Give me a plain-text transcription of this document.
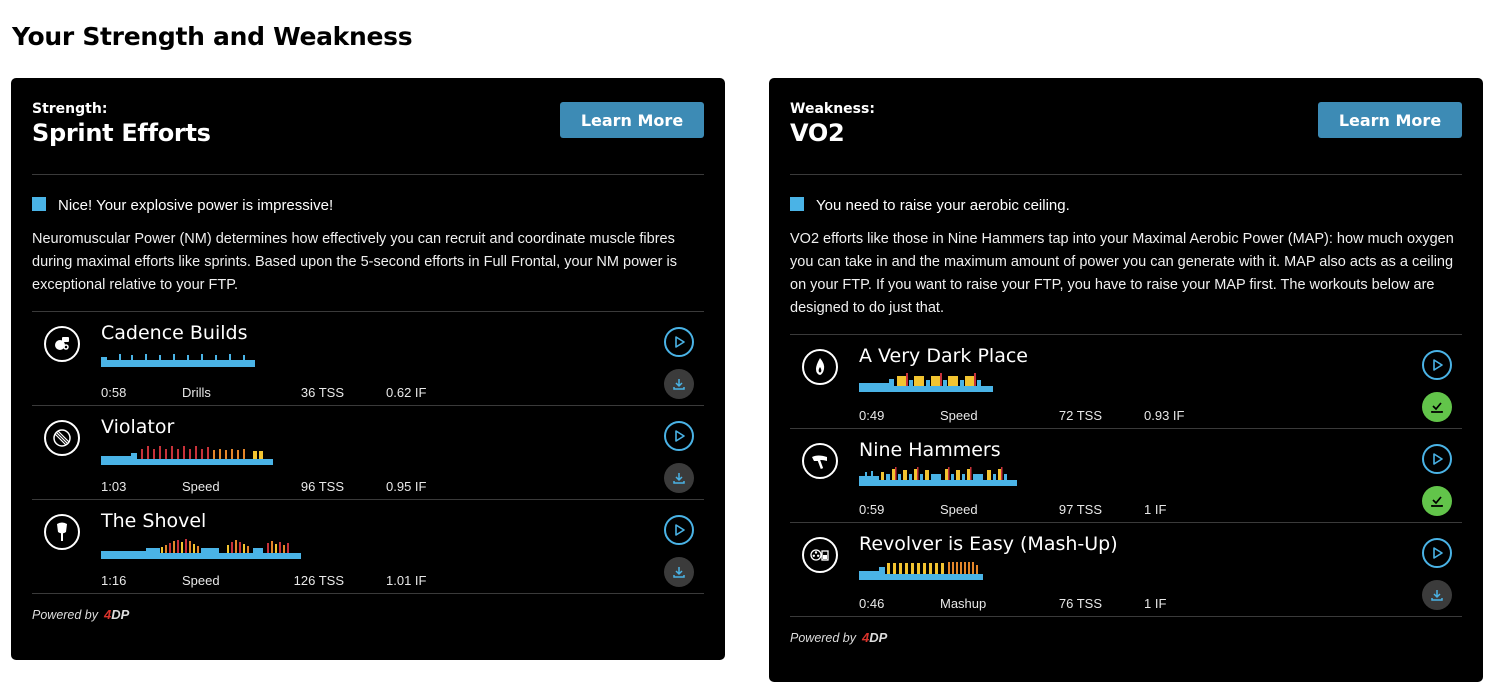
Your Strength and Weakness
Strength:
Sprint Efforts	Learn More
Nice! Your explosive power is impressive!
Neuromuscular Power (NM) determines how effectively you can recruit and coordinate muscle fibres during maximal efforts like sprints. Based upon the 5-second efforts in Full Frontal, your NM power is exceptional relative to your FTP.
Cadence Builds
0:58	Drills	36 TSS	0.62 IF
Violator
1:03	Speed	96 TSS	0.95 IF
The Shovel
1:16	Speed	126 TSS	1.01 IF
Powered by 4DP
Weakness:
VO2	Learn More
You need to raise your aerobic ceiling.
VO2 efforts like those in Nine Hammers tap into your Maximal Aerobic Power (MAP): how much oxygen you can take in and the maximum amount of power you can generate with it. MAP also acts as a ceiling on your FTP. If you want to raise your FTP, you have to raise your MAP first. The workouts below are designed to do just that.
A Very Dark Place
0:49	Speed	72 TSS	0.93 IF
Nine Hammers
0:59	Speed	97 TSS	1 IF
Revolver is Easy (Mash-Up)
0:46	Mashup	76 TSS	1 IF
Powered by 4DP
